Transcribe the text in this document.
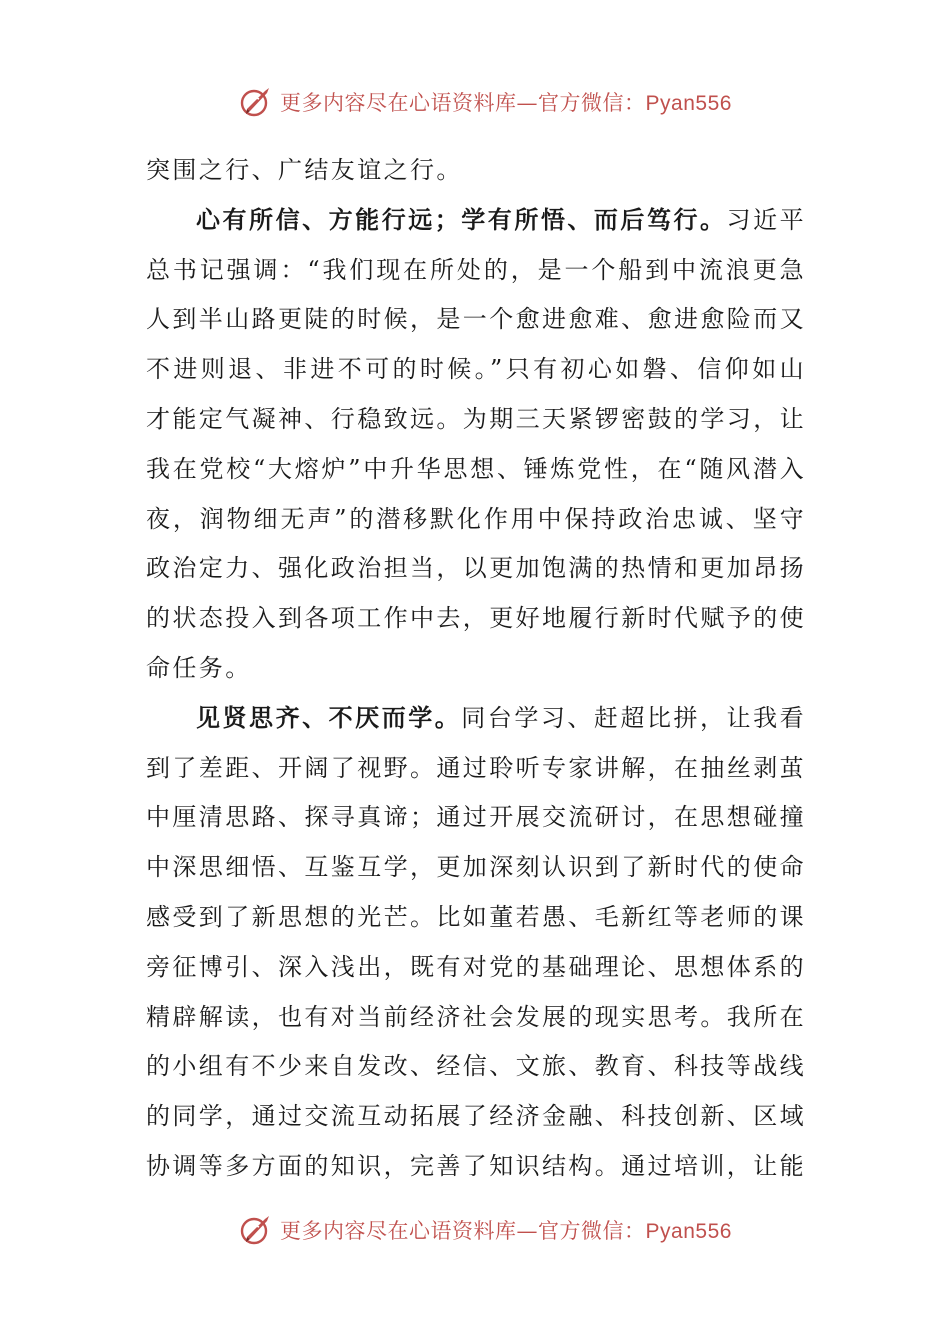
更多内容尽在心语资料库—官方微信：Pyan556

突围之行、广结友谊之行。

心有所信、方能行远；学有所悟、而后笃行。习近平总书记强调：“我们现在所处的，是一个船到中流浪更急人到半山路更陡的时候，是一个愈进愈难、愈进愈险而又不进则退、非进不可的时候。”只有初心如磐、信仰如山才能定气凝神、行稳致远。为期三天紧锣密鼓的学习，让我在党校“大熔炉”中升华思想、锤炼党性，在“随风潜入夜，润物细无声”的潜移默化作用中保持政治忠诚、坚守政治定力、强化政治担当，以更加饱满的热情和更加昂扬的状态投入到各项工作中去，更好地履行新时代赋予的使命任务。

见贤思齐、不厌而学。同台学习、赶超比拼，让我看到了差距、开阔了视野。通过聆听专家讲解，在抽丝剥茧中厘清思路、探寻真谛；通过开展交流研讨，在思想碰撞中深思细悟、互鉴互学，更加深刻认识到了新时代的使命感受到了新思想的光芒。比如董若愚、毛新红等老师的课旁征博引、深入浅出，既有对党的基础理论、思想体系的精辟解读，也有对当前经济社会发展的现实思考。我所在的小组有不少来自发改、经信、文旅、教育、科技等战线的同学，通过交流互动拓展了经济金融、科技创新、区域协调等多方面的知识，完善了知识结构。通过培训，让能

更多内容尽在心语资料库—官方微信：Pyan556
